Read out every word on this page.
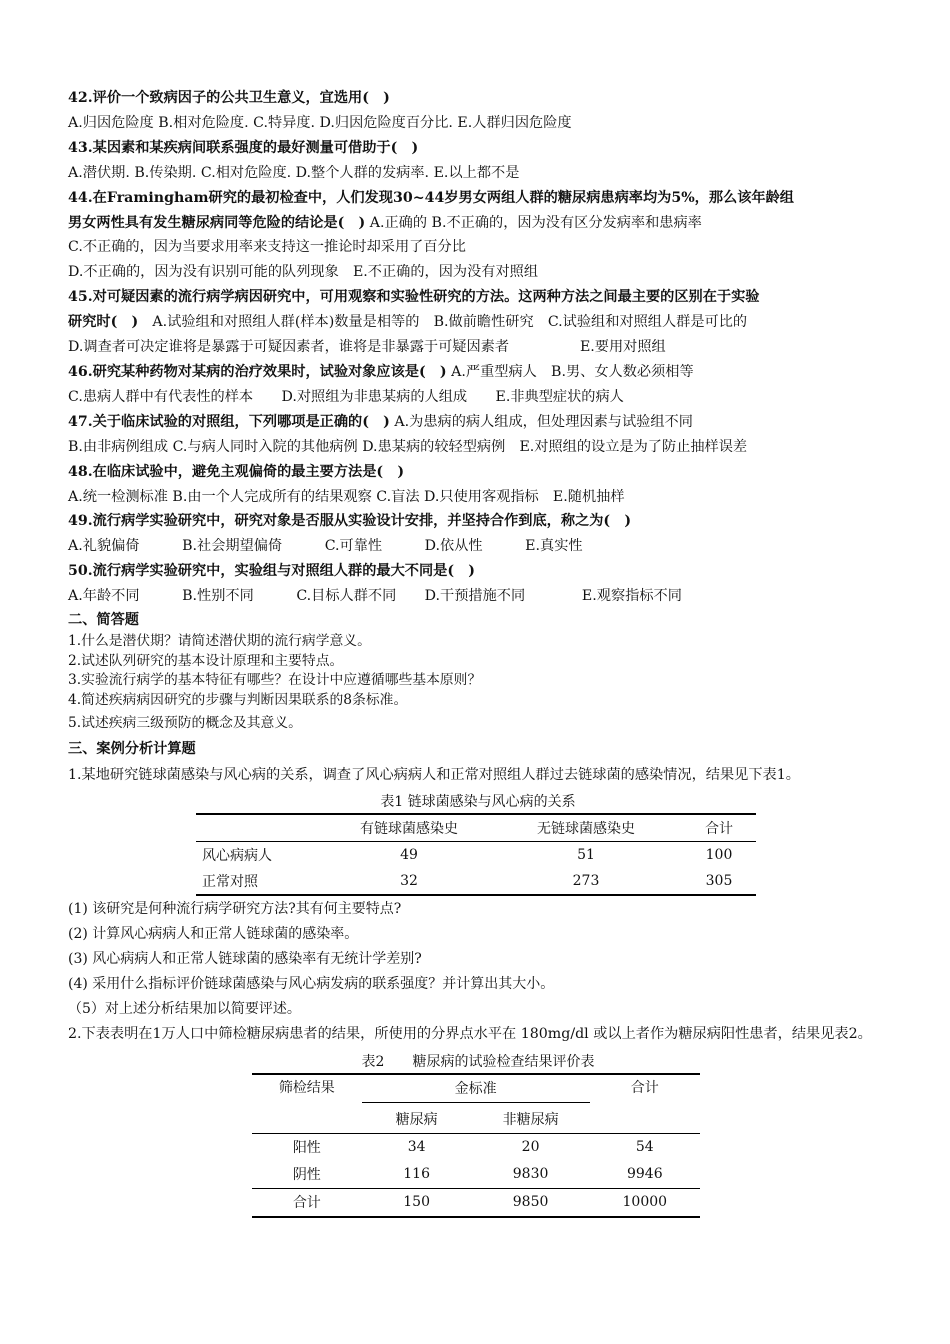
42.评价一个致病因子的公共卫生意义，宜选用(　)
A.归因危险度 B.相对危险度. C.特异度. D.归因危险度百分比. E.人群归因危险度
43.某因素和某疾病间联系强度的最好测量可借助于(　)
A.潜伏期. B.传染期. C.相对危险度. D.整个人群的发病率. E.以上都不是
44.在Framingham研究的最初检查中，人们发现30~44岁男女两组人群的糖尿病患病率均为5%，那么该年龄组
男女两性具有发生糖尿病同等危险的结论是(　) A.正确的 B.不正确的，因为没有区分发病率和患病率
C.不正确的，因为当要求用率来支持这一推论时却采用了百分比
D.不正确的，因为没有识别可能的队列现象　E.不正确的，因为没有对照组
45.对可疑因素的流行病学病因研究中，可用观察和实验性研究的方法。这两种方法之间最主要的区别在于实验
研究时(　)　A.试验组和对照组人群(样本)数量是相等的　B.做前瞻性研究　C.试验组和对照组人群是可比的
D.调查者可决定谁将是暴露于可疑因素者，谁将是非暴露于可疑因素者　　　　　E.要用对照组
46.研究某种药物对某病的治疗效果时，试验对象应该是(　) A.严重型病人　B.男、女人数必须相等
C.患病人群中有代表性的样本　　D.对照组为非患某病的人组成　　E.非典型症状的病人
47.关于临床试验的对照组，下列哪项是正确的(　) A.为患病的病人组成，但处理因素与试验组不同
B.由非病例组成 C.与病人同时入院的其他病例 D.患某病的较轻型病例　E.对照组的设立是为了防止抽样误差
48.在临床试验中，避免主观偏倚的最主要方法是(　)
A.统一检测标准 B.由一个人完成所有的结果观察 C.盲法 D.只使用客观指标　E.随机抽样
49.流行病学实验研究中，研究对象是否服从实验设计安排，并坚持合作到底，称之为(　)
A.礼貌偏倚　　　B.社会期望偏倚　　　C.可靠性　　　D.依从性　　　E.真实性
50.流行病学实验研究中，实验组与对照组人群的最大不同是(　)
A.年龄不同　　　B.性别不同　　　C.目标人群不同　　D.干预措施不同　　　　E.观察指标不同
二、简答题
1.什么是潜伏期？请简述潜伏期的流行病学意义。
2.试述队列研究的基本设计原理和主要特点。
3.实验流行病学的基本特征有哪些？在设计中应遵循哪些基本原则？
4.简述疾病病因研究的步骤与判断因果联系的8条标准。
5.试述疾病三级预防的概念及其意义。
三、案例分析计算题
1.某地研究链球菌感染与风心病的关系，调查了风心病病人和正常对照组人群过去链球菌的感染情况，结果见下表1。
表1 链球菌感染与风心病的关系
	有链球菌感染史	无链球菌感染史	合计
风心病病人	49	51	100
正常对照	32	273	305
(1) 该研究是何种流行病学研究方法?其有何主要特点?
(2) 计算风心病病人和正常人链球菌的感染率。
(3) 风心病病人和正常人链球菌的感染率有无统计学差别?
(4) 采用什么指标评价链球菌感染与风心病发病的联系强度？并计算出其大小。
（5）对上述分析结果加以简要评述。
2.下表表明在1万人口中筛检糖尿病患者的结果，所使用的分界点水平在 180mg/dl 或以上者作为糖尿病阳性患者，结果见表2。
表2　　糖尿病的试验检查结果评价表
筛检结果	金标准		合计
	糖尿病	非糖尿病	
阳性	34	20	54
阴性	116	9830	9946
合计	150	9850	10000
